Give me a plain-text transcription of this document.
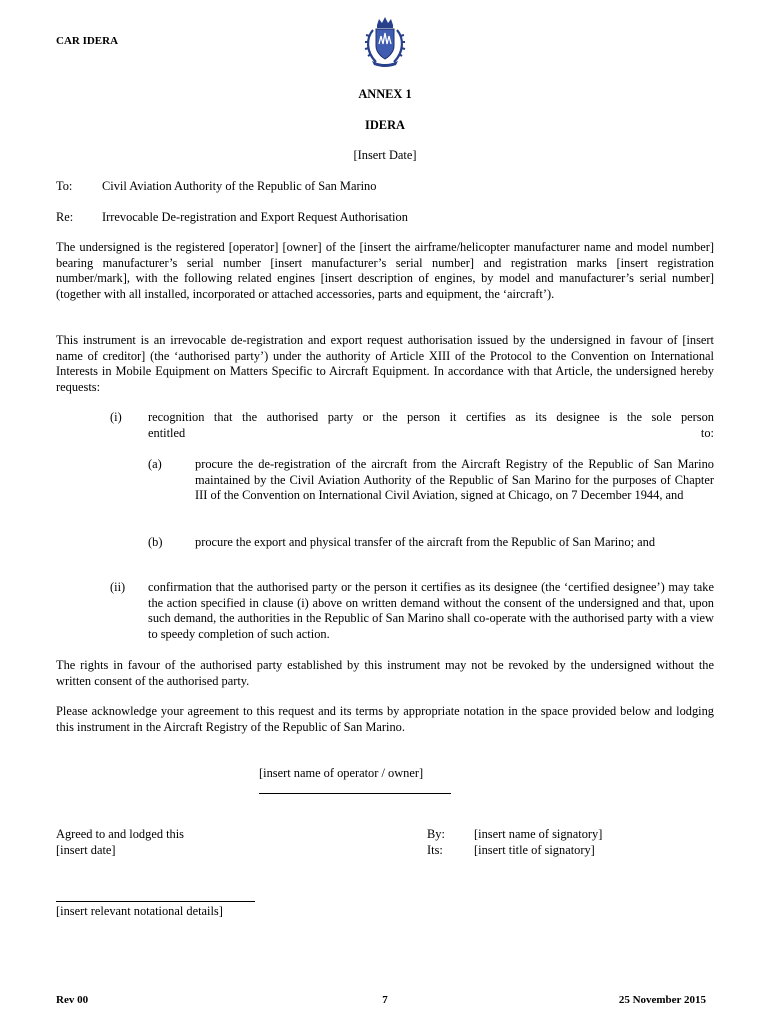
CAR IDERA
ANNEX 1
IDERA
[Insert Date]
To: Civil Aviation Authority of the Republic of San Marino
Re: Irrevocable De-registration and Export Request Authorisation
The undersigned is the registered [operator] [owner] of the [insert the airframe/helicopter manufacturer name and model number] bearing manufacturer’s serial number [insert manufacturer’s serial number] and registration marks [insert registration number/mark], with the following related engines [insert description of engines, by model and manufacturer’s serial number] (together with all installed, incorporated or attached accessories, parts and equipment, the ‘aircraft’).
This instrument is an irrevocable de-registration and export request authorisation issued by the undersigned in favour of [insert name of creditor] (the ‘authorised party’) under the authority of Article XIII of the Protocol to the Convention on International Interests in Mobile Equipment on Matters Specific to Aircraft Equipment. In accordance with that Article, the undersigned hereby requests:
(i) recognition that the authorised party or the person it certifies as its designee is the sole person
entitled to:
(a)	procure the de-registration of the aircraft from the Aircraft Registry of the Republic of San Marino maintained by the Civil Aviation Authority of the Republic of San Marino for the purposes of Chapter III of the Convention on International Civil Aviation, signed at Chicago, on 7 December 1944, and
(b)	procure the export and physical transfer of the aircraft from the Republic of San Marino; and
(ii) confirmation that the authorised party or the person it certifies as its designee (the ‘certified designee’) may take the action specified in clause (i) above on written demand without the consent of the undersigned and that, upon such demand, the authorities in the Republic of San Marino shall co-operate with the authorised party with a view to speedy completion of such action.
The rights in favour of the authorised party established by this instrument may not be revoked by the undersigned without the written consent of the authorised party.
Please acknowledge your agreement to this request and its terms by appropriate notation in the space provided below and lodging this instrument in the Aircraft Registry of the Republic of San Marino.
[insert name of operator / owner]
Agreed to and lodged this
[insert date]
By: [insert name of signatory]
Its:	[insert title of signatory]
[insert relevant notational details]
Rev 00	7	25 November 2015
